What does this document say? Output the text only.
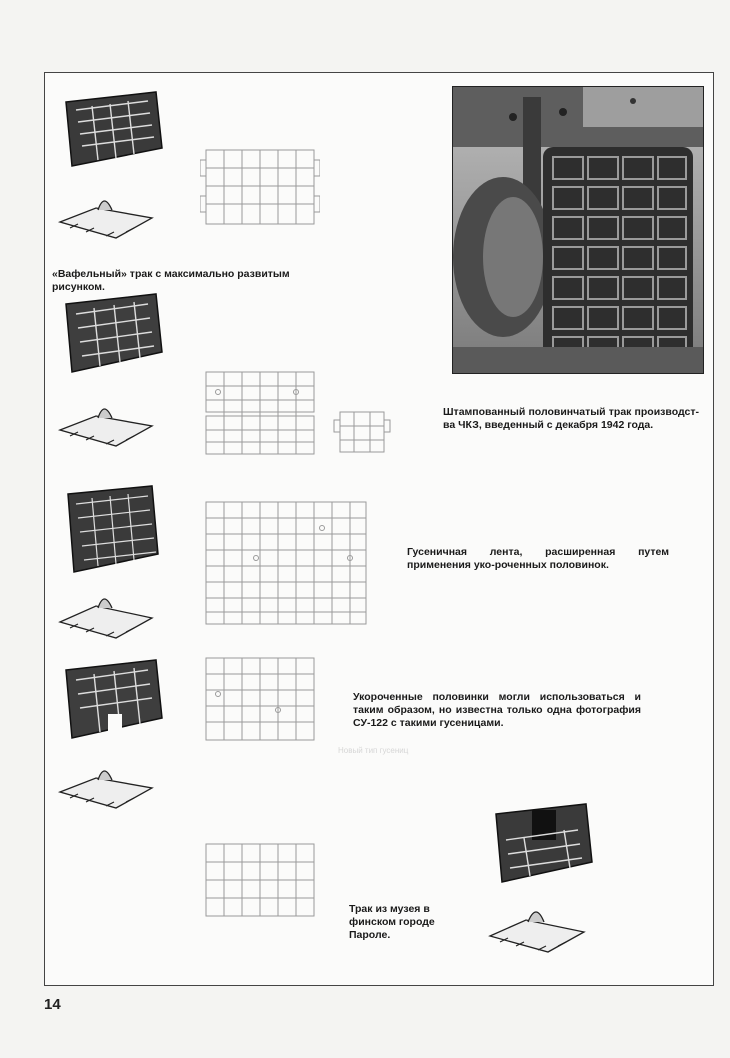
Новый тип гусениц
«Вафельный» трак с максимально развитым рисунком.
Штампованный половинчатый трак производст-ва ЧКЗ, введенный с декабря 1942 года.
Гусеничная лента, расширенная путем применения уко-роченных половинок.
Укороченные половинки могли использоваться и таким образом, но известна только одна фотография СУ-122 с такими гусеницами.
Трак из музея в финском городе Пароле.
14
